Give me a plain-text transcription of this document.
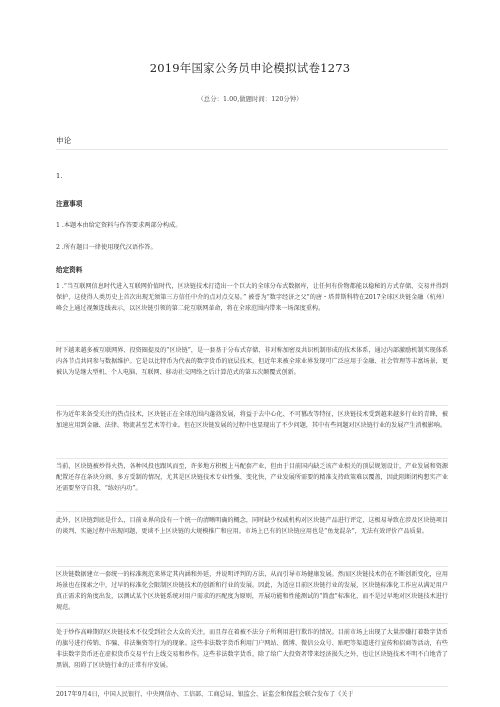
2019年国家公务员申论模拟试卷1273
（总分：1.00,做题时间：120分钟）
申论
1.
注意事项
1 .本题本由给定资料与作答要求两部分构成。
2 .所有题目一律使用现代汉语作答。
给定资料
1 .“当互联网信息时代进入互联网价值时代，区块链技术打造出一个巨大的全球分布式数据库，让任何有价物都能以稳秘的方式存储、交易并得到保护，这使得人类历史上首次出现无须第三方信任中介的点对点交易。” 被誉为“数字经济之父”的唐・塔普斯科特在2017全球区块链金融（杭州）峰会上通过视频连线表示，以区块链引领的第二轮互联网革命，将在全球范围内带来一场深度重构。
时下越来越多被互联网界、投资圈提及的“区块链”，是一套基于分布式存储、非对称加密及共识机制形成的技术体系，通过内部激励机制实现体系内各节点共同参与数据维护。它是以比特币为代表的数字货币的底层技术，但近年来被全球业界发现可广泛应用于金融、社会管理等丰富场景，更被认为是继大型机、个人电脑、互联网、移动社交网络之后计算范式的第五次颠覆式创新。
作为近年来备受关注的热点技术，区块链正在全球范围内蓬勃发展，将益于去中心化、不可篡改等特征，区块链技术受到越来越多行业的青睐，被加速应用到金融、法律、物流甚至艺术等行业。但在区块链发展的过程中也显现出了不少问题，其中有些问题对区块链行业的发展产生消极影响。
当前，区块链被炒得火热，各种风投也跟风而至，许多地方积极上马配套产业，但由于目前国内缺乏该产业相关的顶层规划设计，产业发展和资源配置还存在条块分割、多方受制的情况，尤其是区块链技术专业性强、变化快，产业发展所需要的精准支持政策难以覆盖，因此阻断闭构想实产业还需要坚守自我、“练好内功”。
此外，区块链到底是什么，目前业界尚没有一个统一的清晰明确的概念，同时缺少权威机构对区块链产品进行评定，这极易导致在涉及区块链项目的谈判、实施过程中出现问题，更谈不上区块链的大规模推广和应用。市场上已有的区块链应用也是“鱼龙混杂”，无法有效评价产品质量。
区块链数据建立一套统一的标准规范来界定其内涵和外延，并说明评判的方法，从而引导市场健康发展。然而区块链技术仍在不断创新变化，应用场景也在探索之中，过早的标准化会限制区块链技术的创新和行业的发展。因此，为适应目前区块链行业的发展，区块链标准化工作应从满足用户真正需求的角度出发，以测试某个区块链系统对用户需求的匹配度为原则，开展功能和性能测试的“简盘”标准化，而不是过早地对区块链技术进行规范。
处于炒作高峰期的区块链技术不仅受到社会大众的关注，而且存在着被不法分子所利用进行欺诈的情况。目前市场上出现了大量涉嫌打着数字货币的旗号进行传销、诈骗、非法集资等行为的现象。这些非法数字货币利用门户网站、微博、微信公众号、贴吧等渠道进行宣传和招商等活动，有些非法数字货币还在虚拟货币交易平台上线交易和炒作。这些非法数字货币，除了给广大投资者带来经济损失之外，也让区块链技术不明不白地背了黑锅，阻碍了区块链行业的正常有序发展。
2017年9月4日，中国人民银行、中央网信办、工信部、工商总局、银监会、证监会和保监会联合发布了《关于
